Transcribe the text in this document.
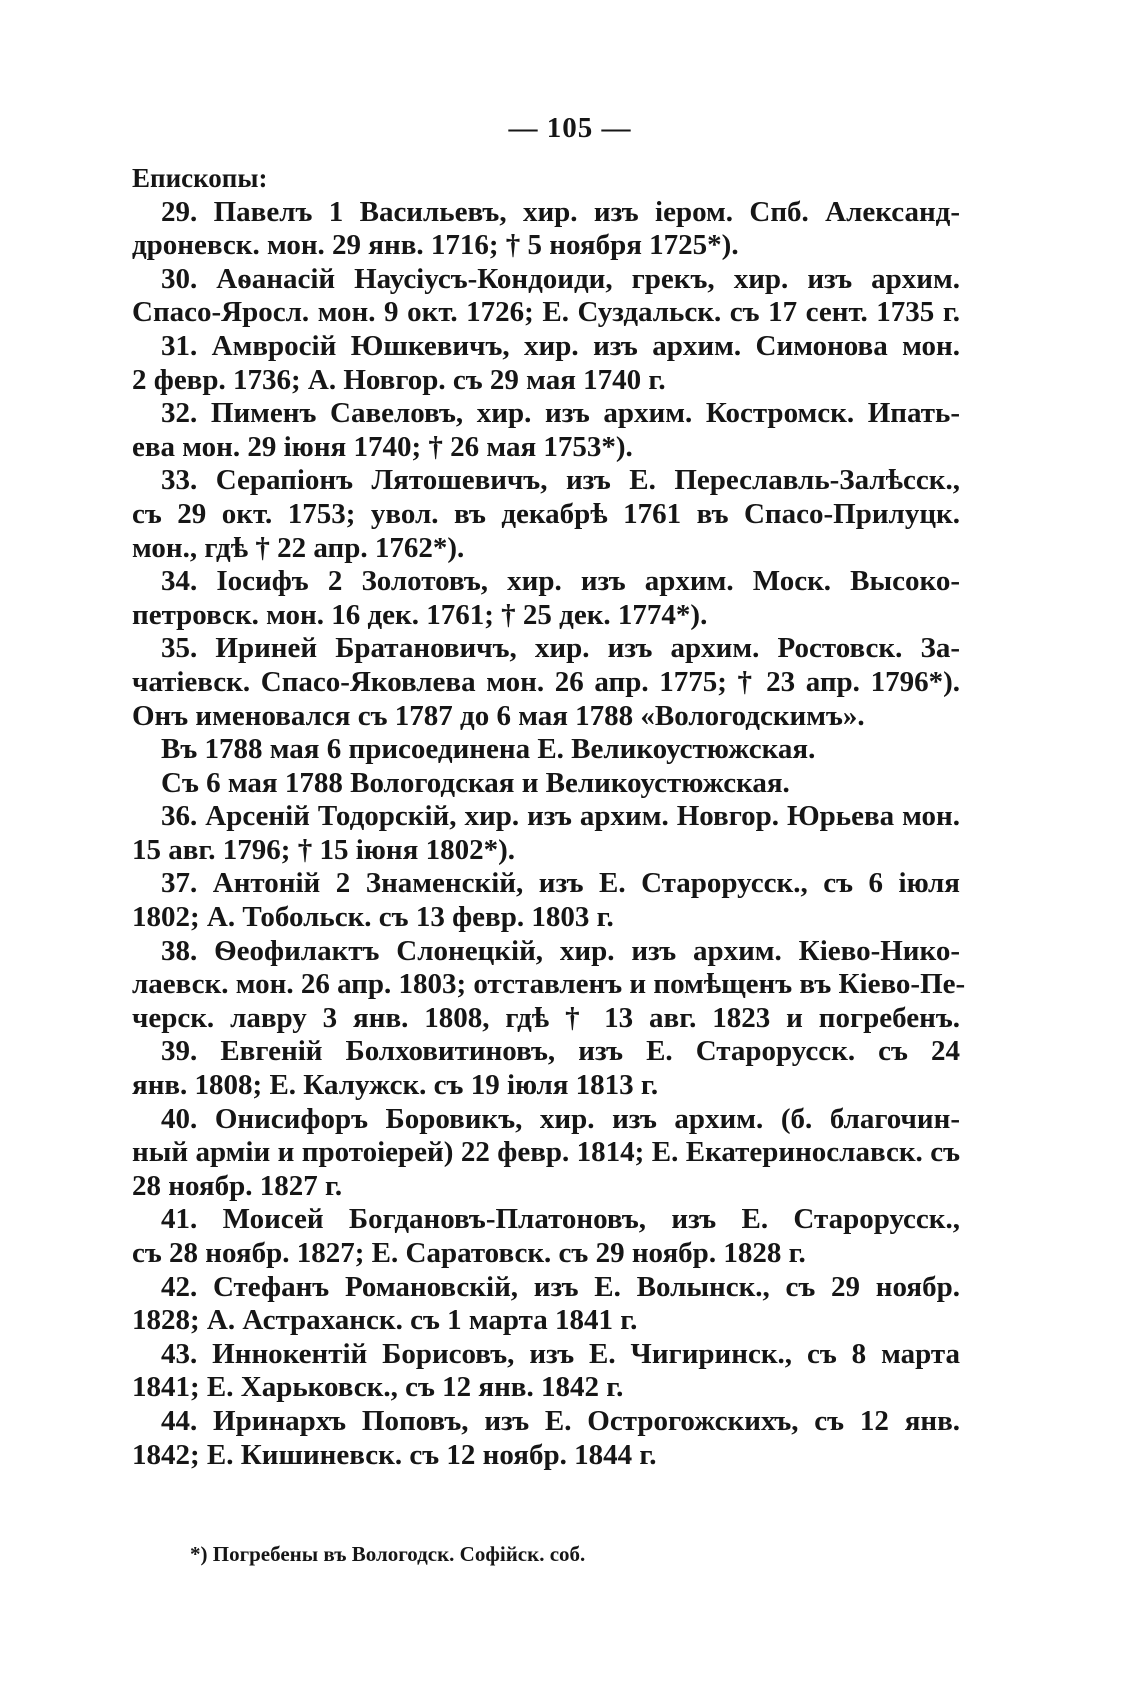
— 105 —
Епископы:
29. Павелъ 1 Васильевъ, хир. изъ iером. Спб. Александ-
дроневск. мон. 29 янв. 1716; † 5 ноября 1725*).
30. Аѳанасій Наусіусъ-Кондоиди, грекъ, хир. изъ архим.
Спасо-Яросл. мон. 9 окт. 1726; Е. Суздальск. съ 17 сент. 1735 г.
31. Амвросій Юшкевичъ, хир. изъ архим. Симонова мон.
2 февр. 1736; А. Новгор. съ 29 мая 1740 г.
32. Пименъ Савеловъ, хир. изъ архим. Костромск. Ипать-
ева мон. 29 іюня 1740; † 26 мая 1753*).
33. Серапіонъ Лятошевичъ, изъ Е. Переславль-Залѣсск.,
съ 29 окт. 1753; увол. въ декабрѣ 1761 въ Спасо-Прилуцк.
мон., гдѣ † 22 апр. 1762*).
34. Іосифъ 2 Золотовъ, хир. изъ архим. Моск. Высоко-
петровск. мон. 16 дек. 1761; † 25 дек. 1774*).
35. Ириней Братановичъ, хир. изъ архим. Ростовск. За-
чатіевск. Спасо-Яковлева мон. 26 апр. 1775; † 23 апр. 1796*).
Онъ именовался съ 1787 до 6 мая 1788 «Вологодскимъ».
Въ 1788 мая 6 присоединена Е. Великоустюжская.
Съ 6 мая 1788 Вологодская и Великоустюжская.
36. Арсеній Тодорскій, хир. изъ архим. Новгор. Юрьева мон.
15 авг. 1796; † 15 іюня 1802*).
37. Антоній 2 Знаменскій, изъ Е. Старорусск., съ 6 іюля
1802; А. Тобольск. съ 13 февр. 1803 г.
38. Ѳеофилактъ Слонецкій, хир. изъ архим. Кіево-Нико-
лаевск. мон. 26 апр. 1803; отставленъ и помѣщенъ въ Кіево-Пе-
черск. лавру 3 янв. 1808, гдѣ † 13 авг. 1823 и погребенъ.
39. Евгеній Болховитиновъ, изъ Е. Старорусск. съ 24
янв. 1808; Е. Калужск. съ 19 іюля 1813 г.
40. Онисифоръ Боровикъ, хир. изъ архим. (б. благочин-
ный арміи и протоіерей) 22 февр. 1814; Е. Екатеринославск. съ
28 ноябр. 1827 г.
41. Моисей Богдановъ-Платоновъ, изъ Е. Старорусск.,
съ 28 ноябр. 1827; Е. Саратовск. съ 29 ноябр. 1828 г.
42. Стефанъ Романовскій, изъ Е. Волынск., съ 29 ноябр.
1828; А. Астраханск. съ 1 марта 1841 г.
43. Иннокентій Борисовъ, изъ Е. Чигиринск., съ 8 марта
1841; Е. Харьковск., съ 12 янв. 1842 г.
44. Иринархъ Поповъ, изъ Е. Острогожскихъ, съ 12 янв.
1842; Е. Кишиневск. съ 12 ноябр. 1844 г.
*) Погребены въ Вологодск. Софійск. соб.
